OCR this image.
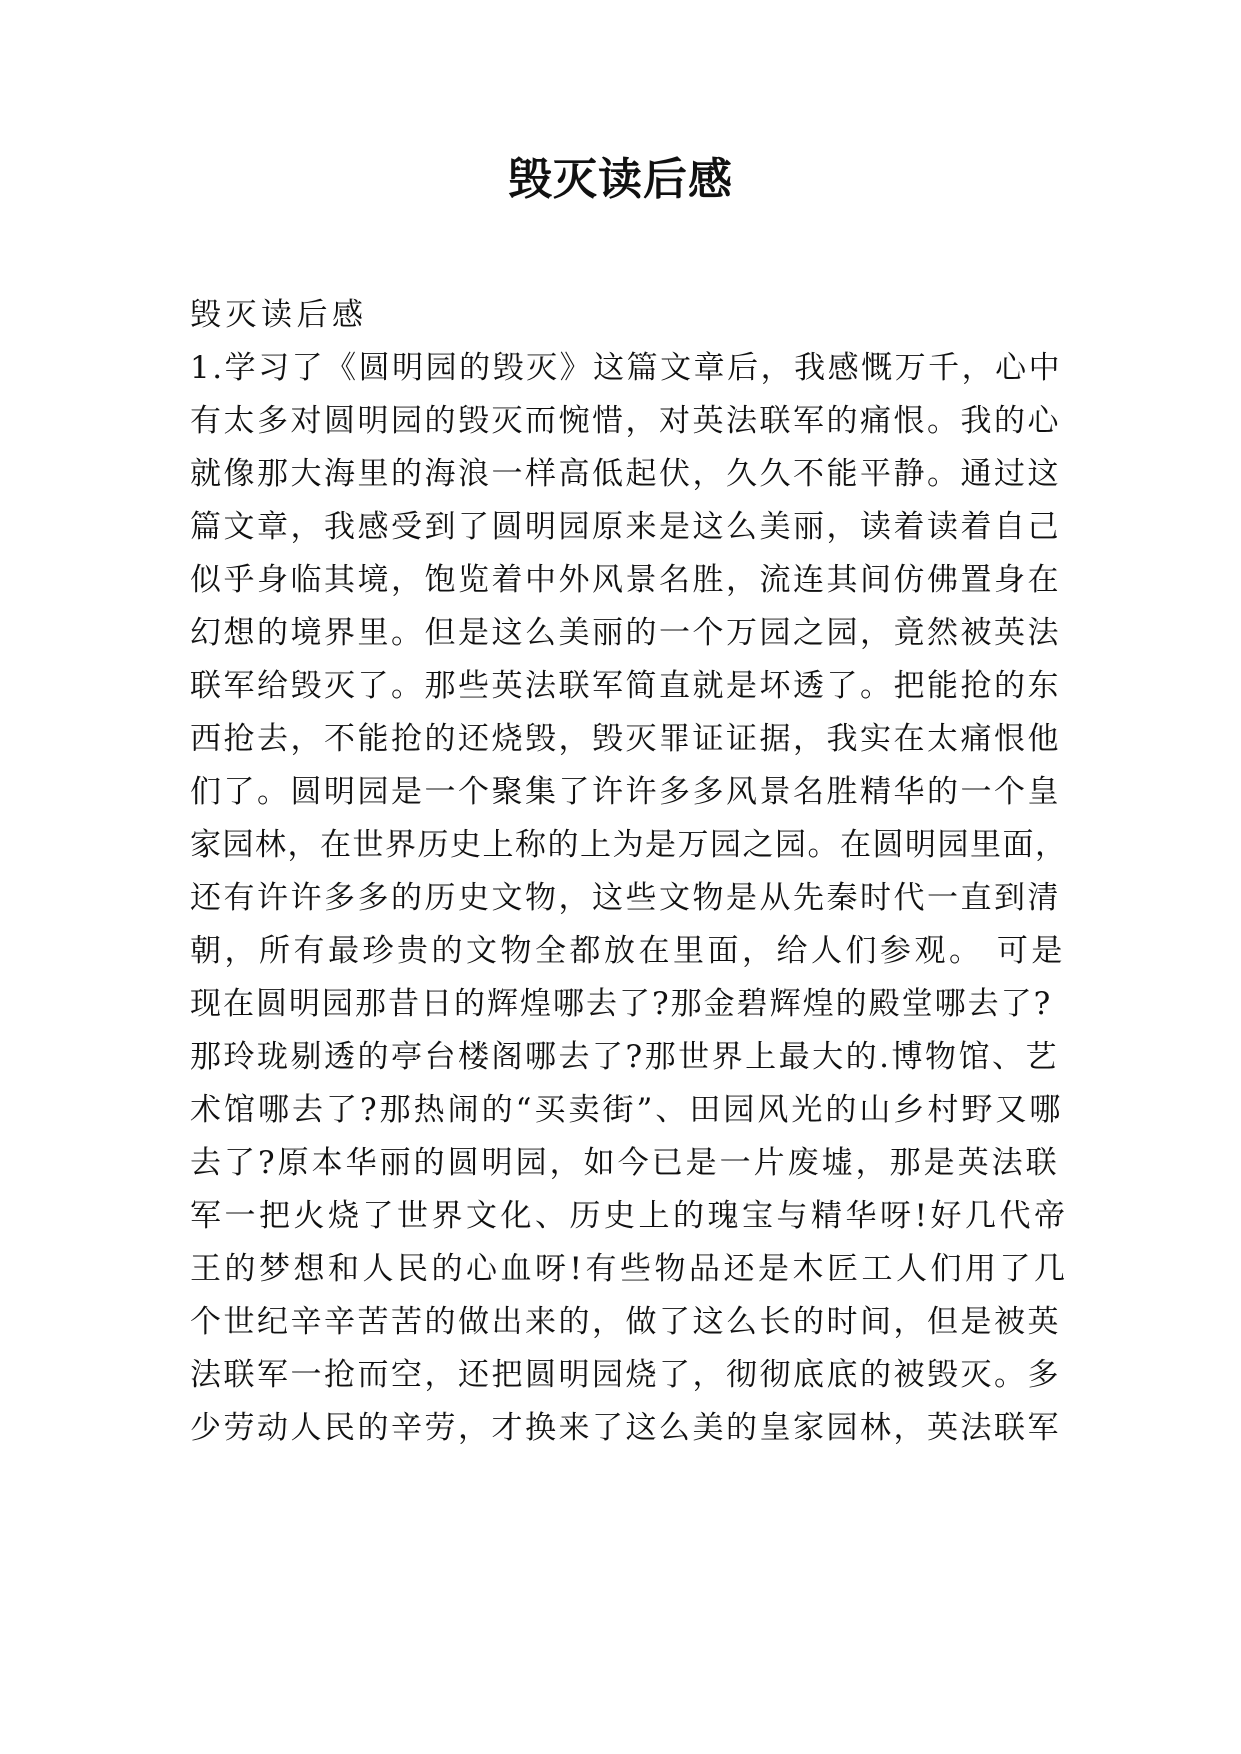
毁灭读后感
毁灭读后感
1.学习了《圆明园的毁灭》这篇文章后，我感慨万千，心中
有太多对圆明园的毁灭而惋惜，对英法联军的痛恨。我的心
就像那大海里的海浪一样高低起伏，久久不能平静。通过这
篇文章，我感受到了圆明园原来是这么美丽，读着读着自己
似乎身临其境，饱览着中外风景名胜，流连其间仿佛置身在
幻想的境界里。但是这么美丽的一个万园之园，竟然被英法
联军给毁灭了。那些英法联军简直就是坏透了。把能抢的东
西抢去，不能抢的还烧毁，毁灭罪证证据，我实在太痛恨他
们了。圆明园是一个聚集了许许多多风景名胜精华的一个皇
家园林，在世界历史上称的上为是万园之园。在圆明园里面，
还有许许多多的历史文物，这些文物是从先秦时代一直到清
朝，所有最珍贵的文物全都放在里面，给人们参观。 可是
现在圆明园那昔日的辉煌哪去了?那金碧辉煌的殿堂哪去了?
那玲珑剔透的亭台楼阁哪去了?那世界上最大的.博物馆、艺
术馆哪去了?那热闹的“买卖街”、田园风光的山乡村野又哪
去了?原本华丽的圆明园，如今已是一片废墟，那是英法联
军一把火烧了世界文化、历史上的瑰宝与精华呀!好几代帝
王的梦想和人民的心血呀!有些物品还是木匠工人们用了几
个世纪辛辛苦苦的做出来的，做了这么长的时间，但是被英
法联军一抢而空，还把圆明园烧了，彻彻底底的被毁灭。多
少劳动人民的辛劳，才换来了这么美的皇家园林，英法联军
